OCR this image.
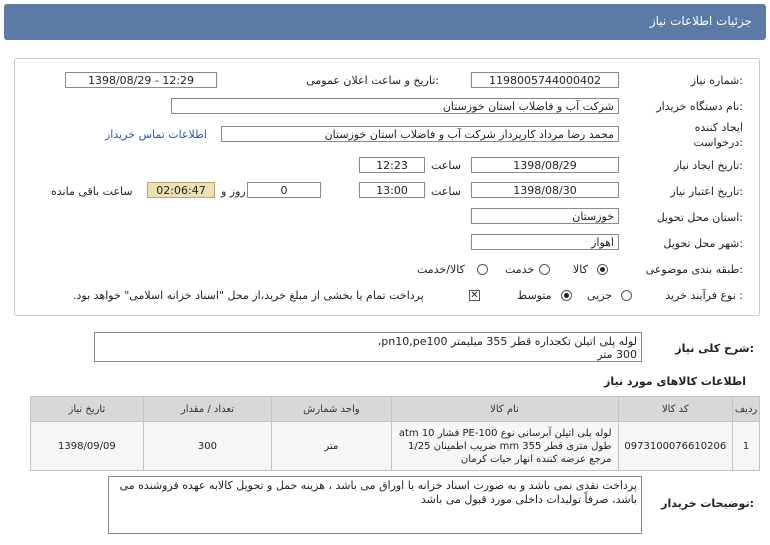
جزئیات اطلاعات نیاز
شماره نیاز:
1198005744000402
تاریخ و ساعت اعلان عمومی:
1398/08/29 - 12:29
نام دستگاه خریدار:
شرکت آب و فاضلاب استان خوزستان
ایجاد کننده
درخواست:
محمد رضا مرداد کارپرداز شرکت آب و فاضلاب استان خوزستان
اطلاعات تماس خریدار
تاریخ ایجاد نیاز:
1398/08/29
ساعت
12:23
تاریخ اعتبار نیاز:
1398/08/30
ساعت
13:00
0
روز و
02:06:47
ساعت باقی مانده
استان محل تحویل:
خوزستان
شهر محل تحویل:
اهواز
طبقه بندی موضوعی:
کالا
خدمت
کالا/خدمت
نوع فرآیند خرید :
جزیی
متوسط
✕
پرداخت تمام یا بخشی از مبلغ خرید،از محل "اسناد خزانه اسلامی" خواهد بود.
شرح کلی نیاز:
لوله پلی اتیلن تکجداره قطر 355 میلیمتر pn10,pe100،
300 متر
اطلاعات کالاهای مورد نیاز
ردیف	کد کالا	نام کالا	واحد شمارش	تعداد / مقدار	تاریخ نیاز
1	0973100076610206	لوله پلی اتیلن آبرسانی نوع PE-100 فشار atm 10 طول متری قطر mm 355 ضریب اطمینان 1/25 مرجع عرضه کننده انهار حیات کرمان	متر	300	1398/09/09
توضیحات خریدار:
پرداخت نقدی نمی باشد و به صورت اسناد خزانه یا اوراق می باشد ، هزینه حمل و تحویل کالابه عهده فروشنده می باشد، صرفاً تولیدات داخلی مورد قبول می باشد
